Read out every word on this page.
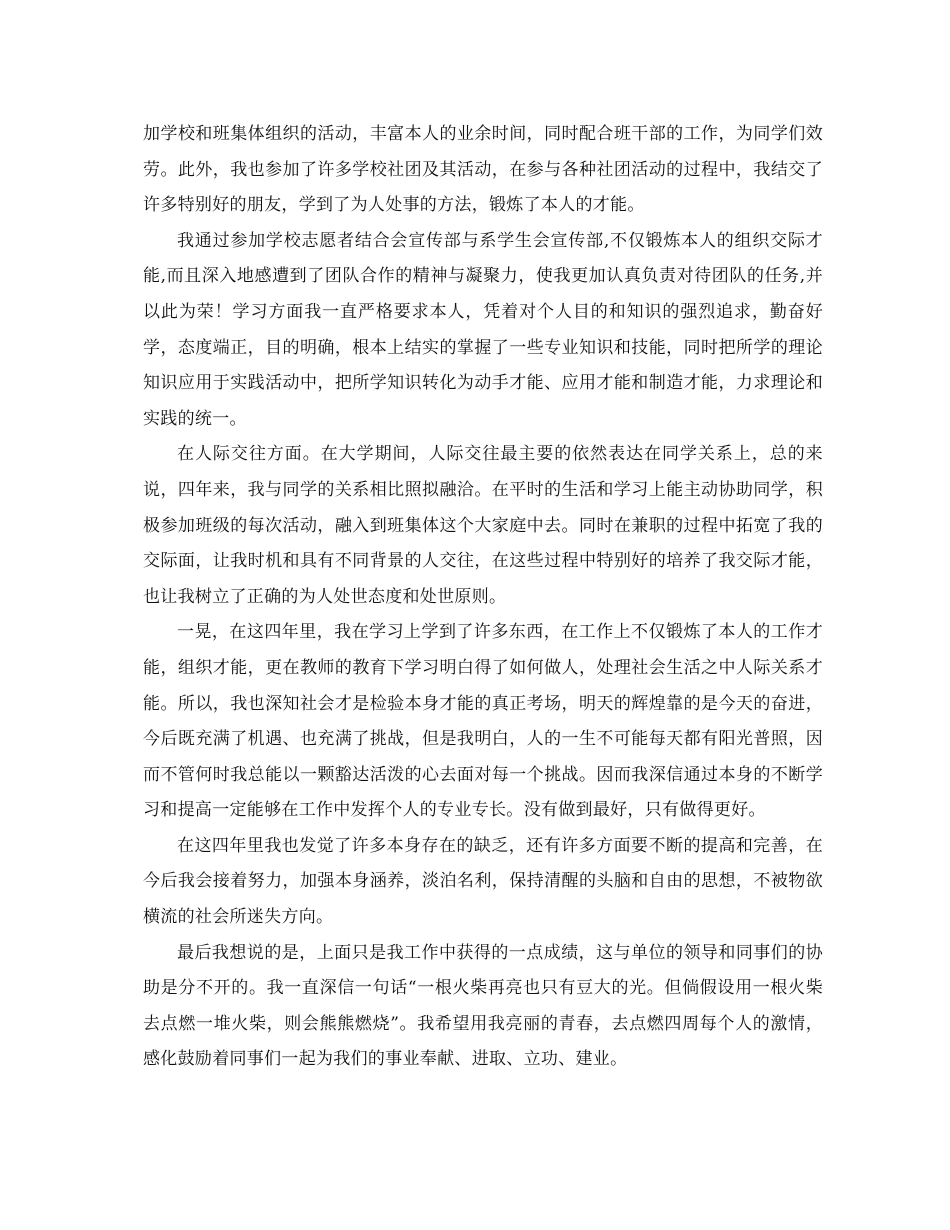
加学校和班集体组织的活动，丰富本人的业余时间，同时配合班干部的工作，为同学们效劳。此外，我也参加了许多学校社团及其活动，在参与各种社团活动的过程中，我结交了许多特别好的朋友，学到了为人处事的方法，锻炼了本人的才能。

我通过参加学校志愿者结合会宣传部与系学生会宣传部,不仅锻炼本人的组织交际才能,而且深入地感遭到了团队合作的精神与凝聚力，使我更加认真负责对待团队的任务,并以此为荣！学习方面我一直严格要求本人，凭着对个人目的和知识的强烈追求，勤奋好学，态度端正，目的明确，根本上结实的掌握了一些专业知识和技能，同时把所学的理论知识应用于实践活动中，把所学知识转化为动手才能、应用才能和制造才能，力求理论和实践的统一。

在人际交往方面。在大学期间，人际交往最主要的依然表达在同学关系上，总的来说，四年来，我与同学的关系相比照拟融洽。在平时的生活和学习上能主动协助同学，积极参加班级的每次活动，融入到班集体这个大家庭中去。同时在兼职的过程中拓宽了我的交际面，让我时机和具有不同背景的人交往，在这些过程中特别好的培养了我交际才能，也让我树立了正确的为人处世态度和处世原则。

一晃，在这四年里，我在学习上学到了许多东西，在工作上不仅锻炼了本人的工作才能，组织才能，更在教师的教育下学习明白得了如何做人，处理社会生活之中人际关系才能。所以，我也深知社会才是检验本身才能的真正考场，明天的辉煌靠的是今天的奋进，今后既充满了机遇、也充满了挑战，但是我明白，人的一生不可能每天都有阳光普照，因而不管何时我总能以一颗豁达活泼的心去面对每一个挑战。因而我深信通过本身的不断学习和提高一定能够在工作中发挥个人的专业专长。没有做到最好，只有做得更好。

在这四年里我也发觉了许多本身存在的缺乏，还有许多方面要不断的提高和完善，在今后我会接着努力，加强本身涵养，淡泊名利，保持清醒的头脑和自由的思想，不被物欲横流的社会所迷失方向。

最后我想说的是，上面只是我工作中获得的一点成绩，这与单位的领导和同事们的协助是分不开的。我一直深信一句话“一根火柴再亮也只有豆大的光。但倘假设用一根火柴去点燃一堆火柴，则会熊熊燃烧”。我希望用我亮丽的青春，去点燃四周每个人的激情，感化鼓励着同事们一起为我们的事业奉献、进取、立功、建业。
